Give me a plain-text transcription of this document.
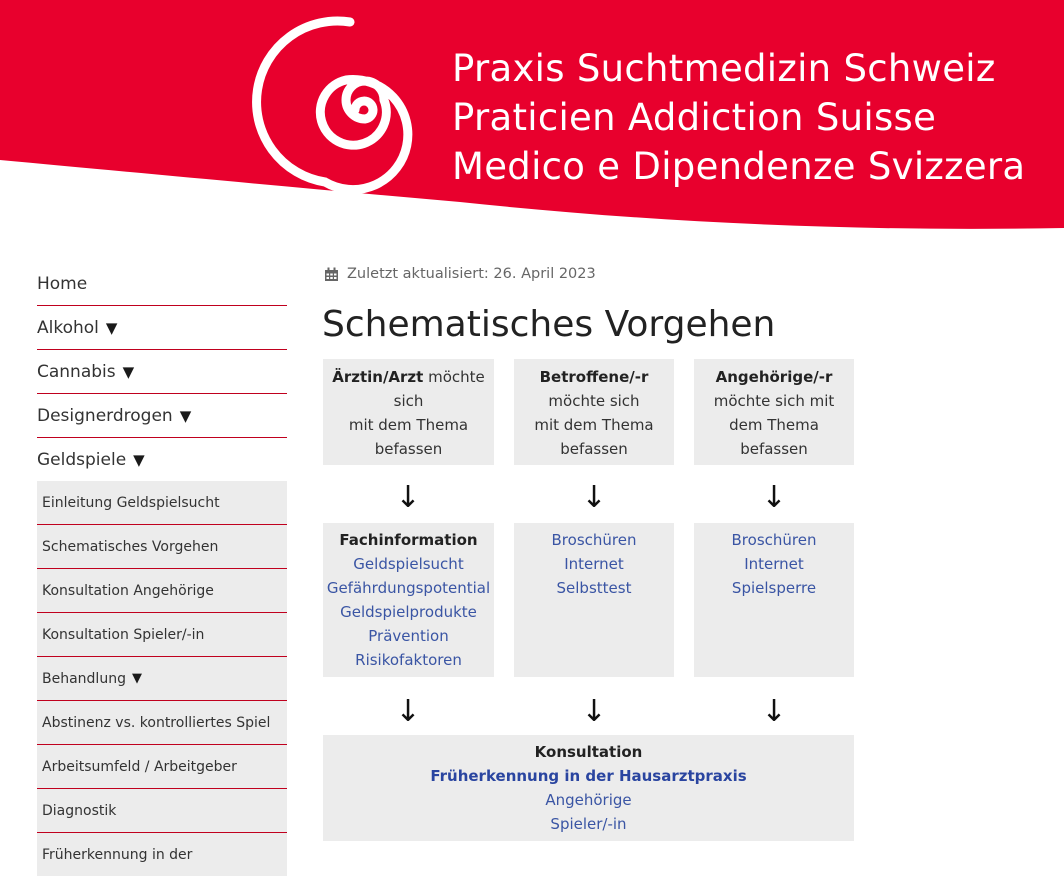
Praxis Suchtmedizin Schweiz
Praticien Addiction Suisse
Medico e Dipendenze Svizzera
Home
Alkohol ▼
Cannabis ▼
Designerdrogen ▼
Geldspiele ▼
Einleitung Geldspielsucht
Schematisches Vorgehen
Konsultation Angehörige
Konsultation Spieler/-in
Behandlung ▼
Abstinenz vs. kontrolliertes Spiel
Arbeitsumfeld / Arbeitgeber
Diagnostik
Früherkennung in der
Zuletzt aktualisiert: 26. April 2023
Schematisches Vorgehen
Ärztin/Arzt möchte
sich
mit dem Thema
befassen
Betroffene/-r
möchte sich
mit dem Thema
befassen
Angehörige/-r
möchte sich mit
dem Thema
befassen
↓	↓	↓
Fachinformation
Geldspielsucht
Gefährdungspotential
Geldspielprodukte
Prävention
Risikofaktoren
Broschüren
Internet
Selbsttest
Broschüren
Internet
Spielsperre
↓	↓	↓
Konsultation
Früherkennung in der Hausarztpraxis
Angehörige
Spieler/-in
